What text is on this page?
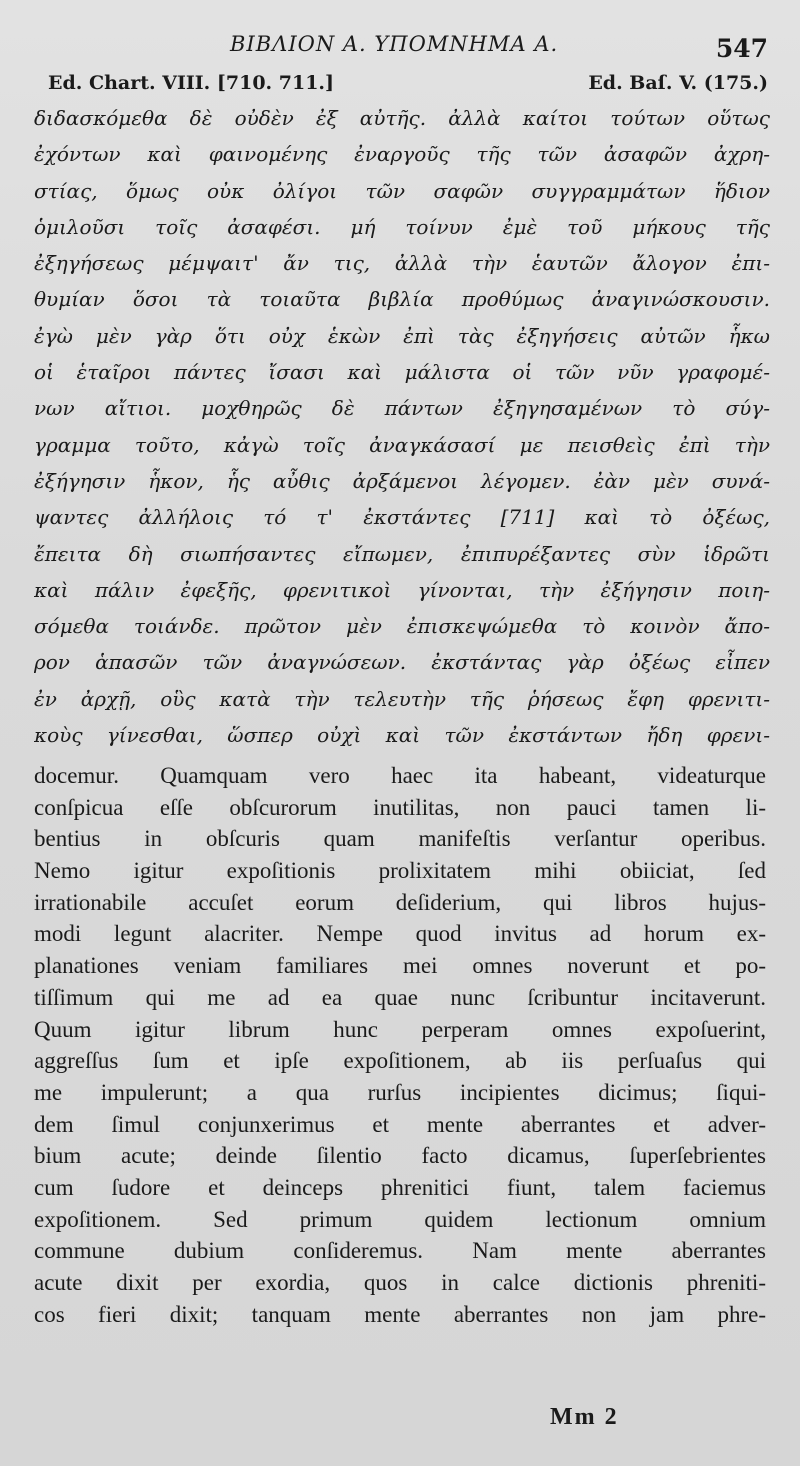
ΒΙΒΛΙΟΝ Α. ΥΠΟΜΝΗΜΑ Α.	547
Ed. Chart. VIII. [710. 711.]	Ed. Baſ. V. (175.)
διδασκόμεθα δὲ οὐδὲν ἐξ αὐτῆς. ἀλλὰ καίτοι τούτων οὕτως
ἐχόντων καὶ φαινομένης ἐναργοῦς τῆς τῶν ἀσαφῶν ἀχρη-
στίας, ὅμως οὐκ ὀλίγοι τῶν σαφῶν συγγραμμάτων ἥδιον
ὁμιλοῦσι τοῖς ἀσαφέσι. μή τοίνυν ἐμὲ τοῦ μήκους τῆς
ἐξηγήσεως μέμψαιτ' ἄν τις, ἀλλὰ τὴν ἑαυτῶν ἄλογον ἐπι-
θυμίαν ὅσοι τὰ τοιαῦτα βιβλία προθύμως ἀναγινώσκουσιν.
ἐγὼ μὲν γὰρ ὅτι οὐχ ἑκὼν ἐπὶ τὰς ἐξηγήσεις αὐτῶν ἧκω
οἱ ἑταῖροι πάντες ἴσασι καὶ μάλιστα οἱ τῶν νῦν γραφομέ-
νων αἴτιοι. μοχθηρῶς δὲ πάντων ἐξηγησαμένων τὸ σύγ-
γραμμα τοῦτο, κἀγὼ τοῖς ἀναγκάσασί με πεισθεὶς ἐπὶ τὴν
ἐξήγησιν ἧκον, ἧς αὖθις ἀρξάμενοι λέγομεν. ἐὰν μὲν συνά-
ψαντες ἀλλήλοις τό τ' ἐκστάντες [711] καὶ τὸ ὀξέως,
ἔπειτα δὴ σιωπήσαντες εἴπωμεν, ἐπιπυρέξαντες σὺν ἱδρῶτι
καὶ πάλιν ἐφεξῆς, φρενιτικοὶ γίνονται, τὴν ἐξήγησιν ποιη-
σόμεθα τοιάνδε. πρῶτον μὲν ἐπισκεψώμεθα τὸ κοινὸν ἄπο-
ρον ἁπασῶν τῶν ἀναγνώσεων. ἐκστάντας γὰρ ὀξέως εἶπεν
ἐν ἀρχῇ, οὓς κατὰ τὴν τελευτὴν τῆς ῥήσεως ἔφη φρενιτι-
κοὺς γίνεσθαι, ὥσπερ οὐχὶ καὶ τῶν ἐκστάντων ἤδη φρενι-
docemur. Quamquam vero haec ita habeant, videaturque
conſpicua eſſe obſcurorum inutilitas, non pauci tamen li-
bentius in obſcuris quam manifeſtis verſantur operibus.
Nemo igitur expoſitionis prolixitatem mihi obiiciat, ſed
irrationabile accuſet eorum deſiderium, qui libros hujus-
modi legunt alacriter. Nempe quod invitus ad horum ex-
planationes veniam familiares mei omnes noverunt et po-
tiſſimum qui me ad ea quae nunc ſcribuntur incitaverunt.
Quum igitur librum hunc perperam omnes expoſuerint,
aggreſſus ſum et ipſe expoſitionem, ab iis perſuaſus qui
me impulerunt; a qua rurſus incipientes dicimus; ſiqui-
dem ſimul conjunxerimus et mente aberrantes et adver-
bium acute; deinde ſilentio facto dicamus, ſuperſebrientes
cum ſudore et deinceps phrenitici fiunt, talem faciemus
expoſitionem. Sed primum quidem lectionum omnium
commune dubium conſideremus. Nam mente aberrantes
acute dixit per exordia, quos in calce dictionis phreniti-
cos fieri dixit; tanquam mente aberrantes non jam phre-
Mm 2
